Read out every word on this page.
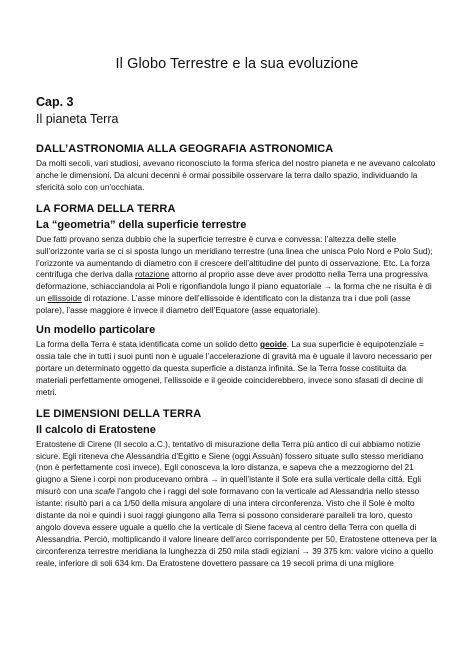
Il Globo Terrestre e la sua evoluzione
Cap. 3
Il pianeta Terra
DALL’ASTRONOMIA ALLA GEOGRAFIA ASTRONOMICA

Da molti secoli, vari studiosi, avevano riconosciuto la forma sferica del nostro pianeta e ne avevano calcolato anche le dimensioni. Da alcuni decenni è ormai possibile osservare la terra dallo spazio, individuando la sfericità solo con un’occhiata.

LA FORMA DELLA TERRA
La “geometria” della superficie terrestre

Due fatti provano senza dubbio che la superficie terrestre è curva e convessa: l’altezza delle stelle sull’orizzonte varia se ci si sposta lungo un meridiano terrestre (una linea che unisca Polo Nord e Polo Sud); l’orizzonte va aumentando di diametro con il crescere dell’altitudine del punto di osservazione. Etc. La forza centrifuga che deriva dalla rotazione attorno al proprio asse deve aver prodotto nella Terra una progressiva deformazione, schiacciandola ai Poli e rigonfiandola lungo il piano equatoriale → la forma che ne risulta è di un ellissoide di rotazione. L’asse minore dell’ellissoide è identificato con la distanza tra i due poli (asse polare), l’asse maggiore è invece il diametro dell’Equatore (asse equatoriale).

Un modello particolare

La forma della Terra è stata identificata come un solido detto geoide. La sua superficie è equipotenziale = ossia tale che in tutti i suoi punti non è uguale l’accelerazione di gravità ma è uguale il lavoro necessario per portare un determinato oggetto da questa superficie a distanza infinita. Se la Terra fosse costituita da materiali perfettamente omogenei, l’ellissoide e il geoide coinciderebbero, invece sono sfasati di decine di metri.

LE DIMENSIONI DELLA TERRA
Il calcolo di Eratostene

Eratostene di Cirene (II secolo a.C.), tentativo di misurazione della Terra più antico di cui abbiamo notizie sicure. Egli riteneva che Alessandria d’Egitto e Siene (oggi Assuàn) fossero situate sullo stesso meridiano (non è perfettamente così invece). Egli conosceva la loro distanza, e sapeva che a mezzogiorno del 21 giugno a Siene i corpi non producevano ombra → in quell’istante il Sole era sulla verticale della città. Egli misurò con una scafe l’angolo che i raggi del sole formavano con la verticale ad Alessandria nello stesso istante: risultò pari a ca 1/50 della misura angolare di una intera circonferenza. Visto che il Sole è molto distante da noi e quindi i suoi raggi giungono alla Terra si possono considerare paralleli tra loro, questo angolo doveva essere uguale a quello che la verticale di Siene faceva al centro della Terra con quella di Alessandria. Perciò, moltiplicando il valore lineare dell’arco corrispondente per 50, Eratostene otteneva per la circonferenza terrestre meridiana la lunghezza di 250 mila stadi egiziani → 39 375 km: valore vicino a quello reale, inferiore di soli 634 km. Da Eratostene dovettero passare ca 19 secoli prima di una migliore
